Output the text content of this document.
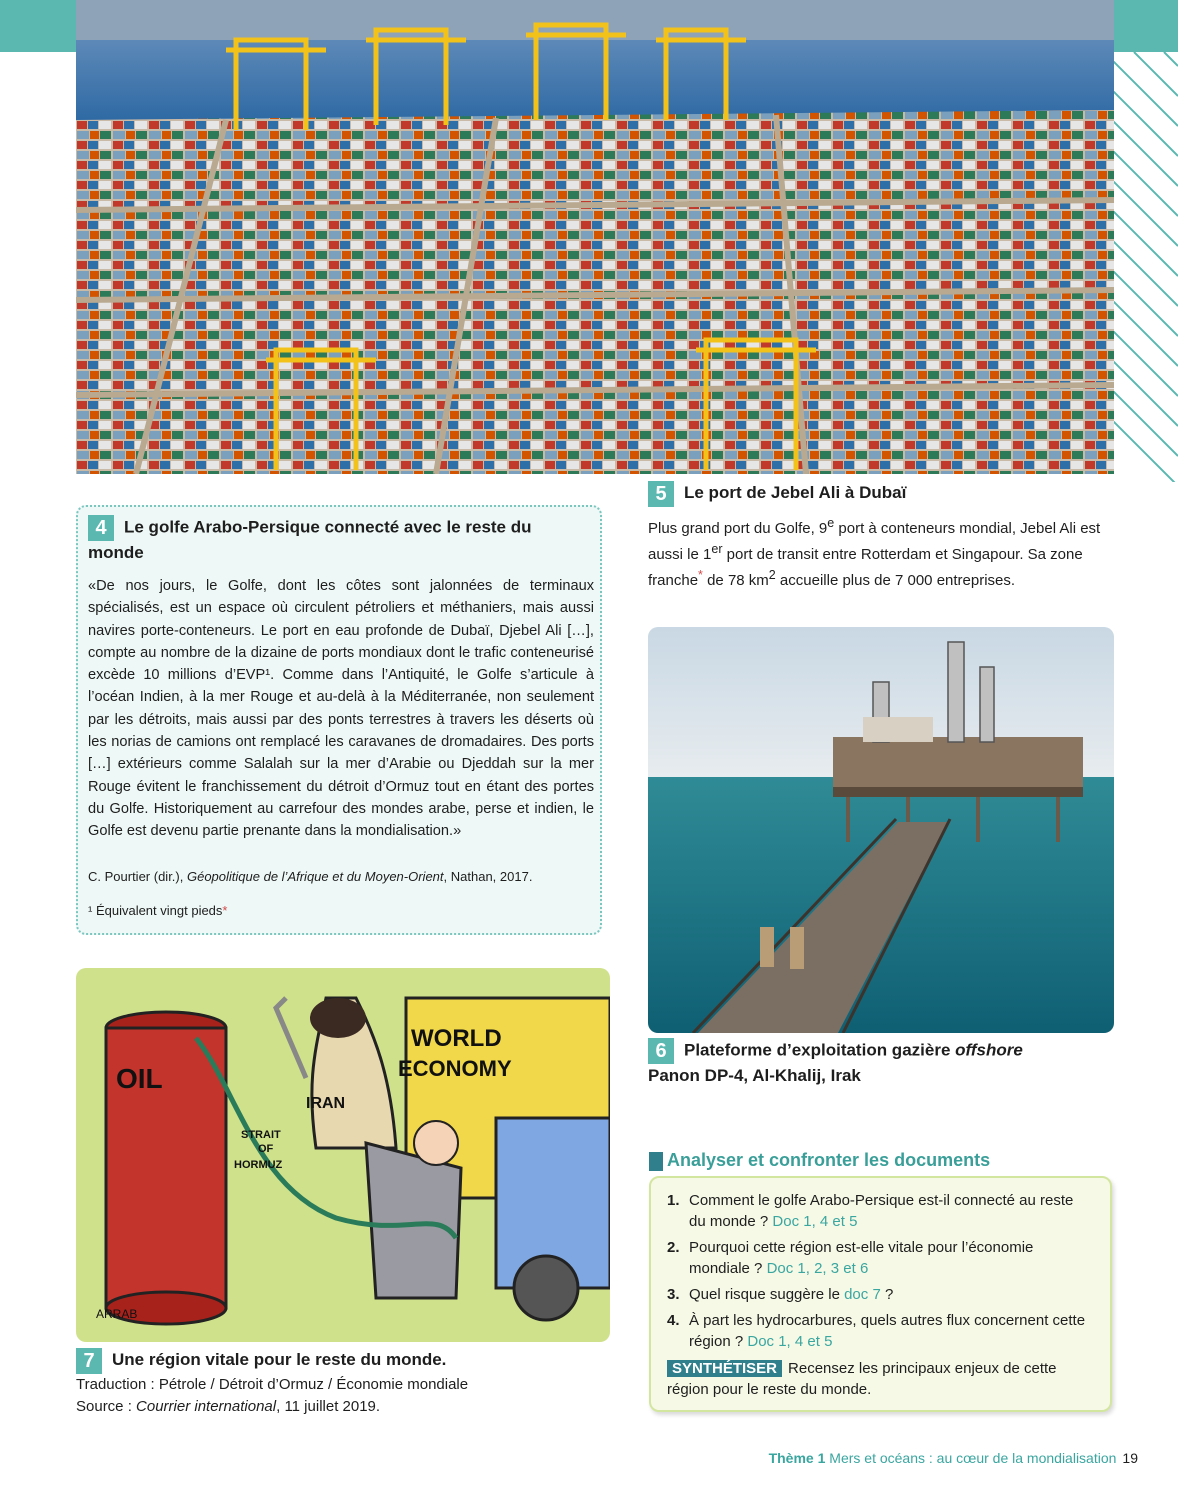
5 Le port de Jebel Ali à Dubaï
Plus grand port du Golfe, 9e port à conteneurs mondial, Jebel Ali est aussi le 1er port de transit entre Rotterdam et Singapour. Sa zone franche* de 78 $km^2$ accueille plus de 7 000 entreprises.
4 Le golfe Arabo-Persique connecté avec le reste du monde
«De nos jours, le Golfe, dont les côtes sont jalonnées de terminaux spécialisés, est un espace où circulent pétroliers et méthaniers, mais aussi navires porte-conteneurs. Le port en eau profonde de Dubaï, Djebel Ali […], compte au nombre de la dizaine de ports mondiaux dont le trafic conteneurisé excède 10 millions d’EVP¹. Comme dans l’Antiquité, le Golfe s’articule à l’océan Indien, à la mer Rouge et au-delà à la Méditerranée, non seulement par les détroits, mais aussi par des ponts terrestres à travers les déserts où les norias de camions ont remplacé les caravanes de dromadaires. Des ports […] extérieurs comme Salalah sur la mer d’Arabie ou Djeddah sur la mer Rouge évitent le franchissement du détroit d’Ormuz tout en étant des portes du Golfe. Historiquement au carrefour des mondes arabe, perse et indien, le Golfe est devenu partie prenante dans la mondialisation.»
C. Pourtier (dir.), Géopolitique de l’Afrique et du Moyen-Orient, Nathan, 2017.
¹ Équivalent vingt pieds*
6 Plateforme d’exploitation gazière offshore
Panon DP-4, Al-Khalij, Irak
OIL
IRAN
WORLD
ECONOMY
STRAIT
OF
HORMUZ
ARRAB
7 Une région vitale pour le reste du monde.
Traduction : Pétrole / Détroit d’Ormuz / Économie mondiale
Source : Courrier international, 11 juillet 2019.
Analyser et confronter les documents
1. Comment le golfe Arabo-Persique est-il connecté au reste du monde ? Doc 1, 4 et 5
2. Pourquoi cette région est-elle vitale pour l’économie mondiale ? Doc 1, 2, 3 et 6
3. Quel risque suggère le doc 7 ?
4. À part les hydrocarbures, quels autres flux concernent cette région ? Doc 1, 4 et 5
SYNTHÉTISER Recensez les principaux enjeux de cette région pour le reste du monde.
Thème 1 Mers et océans : au cœur de la mondialisation 19
